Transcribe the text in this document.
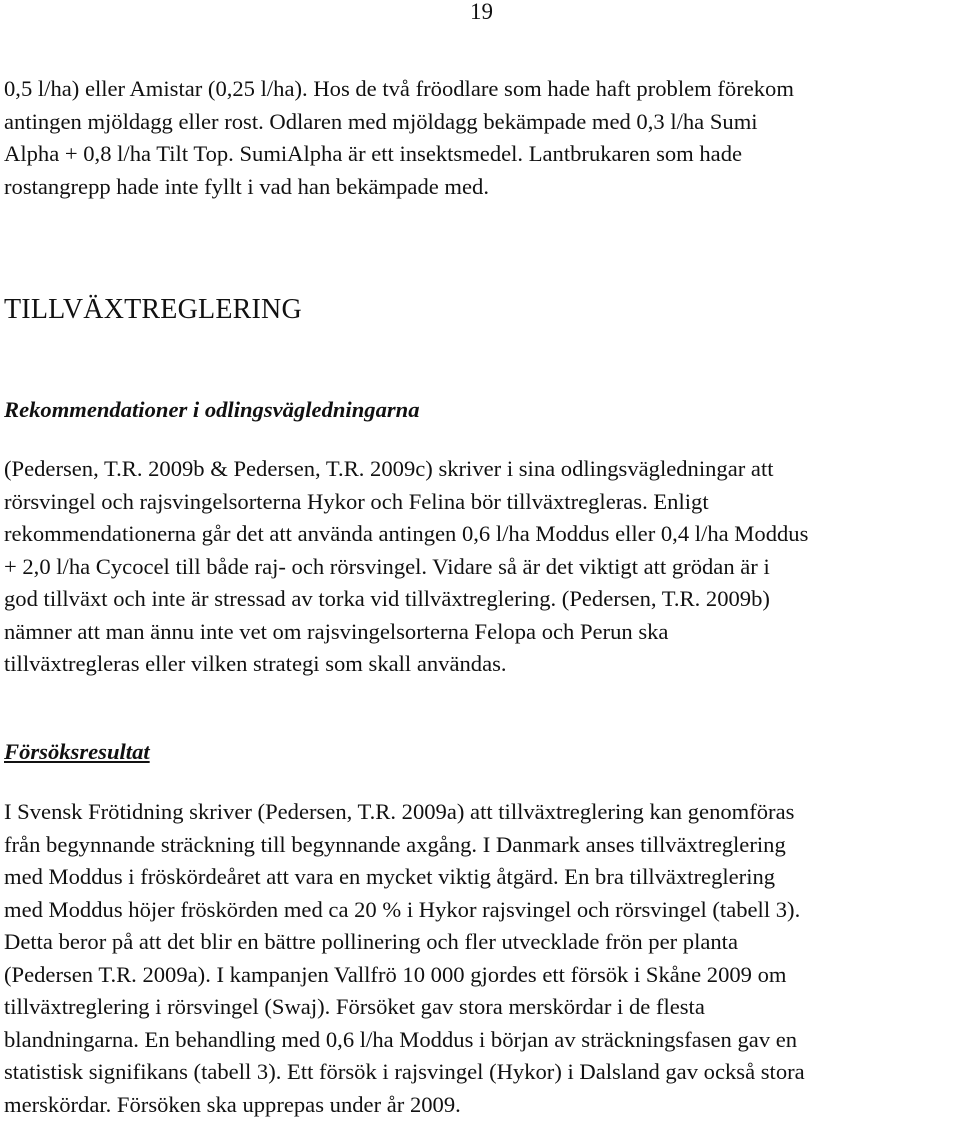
19

0,5 l/ha) eller Amistar (0,25 l/ha). Hos de två fröodlare som hade haft problem förekom
antingen mjöldagg eller rost. Odlaren med mjöldagg bekämpade med 0,3 l/ha Sumi
Alpha + 0,8 l/ha Tilt Top. SumiAlpha är ett insektsmedel. Lantbrukaren som hade
rostangrepp hade inte fyllt i vad han bekämpade med.

TILLVÄXTREGLERING
Rekommendationer i odlingsvägledningarna

(Pedersen, T.R. 2009b & Pedersen, T.R. 2009c) skriver i sina odlingsvägledningar att
rörsvingel och rajsvingelsorterna Hykor och Felina bör tillväxtregleras. Enligt
rekommendationerna går det att använda antingen 0,6 l/ha Moddus eller 0,4 l/ha Moddus
+ 2,0 l/ha Cycocel till både raj- och rörsvingel. Vidare så är det viktigt att grödan är i
god tillväxt och inte är stressad av torka vid tillväxtreglering. (Pedersen, T.R. 2009b)
nämner att man ännu inte vet om rajsvingelsorterna Felopa och Perun ska
tillväxtregleras eller vilken strategi som skall användas.

Försöksresultat

I Svensk Frötidning skriver (Pedersen, T.R. 2009a) att tillväxtreglering kan genomföras
från begynnande sträckning till begynnande axgång. I Danmark anses tillväxtreglering
med Moddus i fröskördeåret att vara en mycket viktig åtgärd. En bra tillväxtreglering
med Moddus höjer fröskörden med ca 20 % i Hykor rajsvingel och rörsvingel (tabell 3).
Detta beror på att det blir en bättre pollinering och fler utvecklade frön per planta
(Pedersen T.R. 2009a). I kampanjen Vallfrö 10 000 gjordes ett försök i Skåne 2009 om
tillväxtreglering i rörsvingel (Swaj). Försöket gav stora merskördar i de flesta
blandningarna. En behandling med 0,6 l/ha Moddus i början av sträckningsfasen gav en
statistisk signifikans (tabell 3). Ett försök i rajsvingel (Hykor) i Dalsland gav också stora
merskördar. Försöken ska upprepas under år 2009.
